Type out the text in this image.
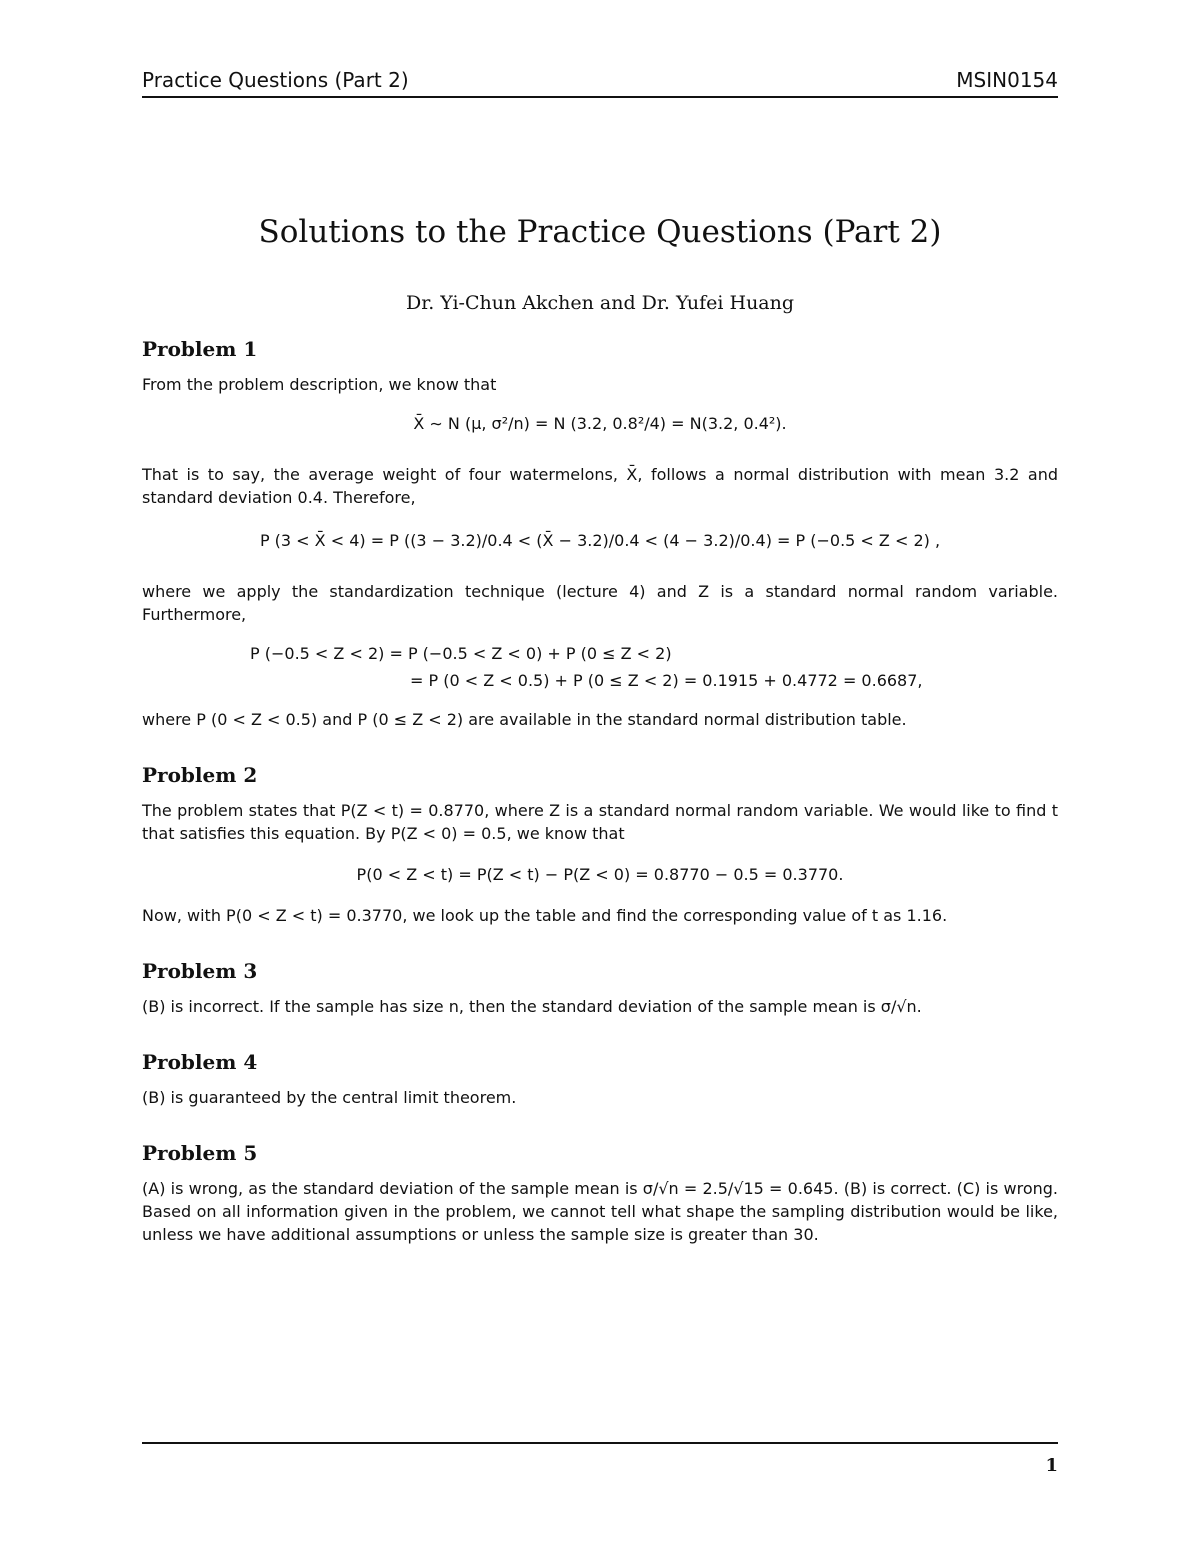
Practice Questions (Part 2)	MSIN0154
Solutions to the Practice Questions (Part 2)
Dr. Yi-Chun Akchen and Dr. Yufei Huang
Problem 1

From the problem description, we know that

X̄ ∼ N (μ, σ²/n) = N (3.2, 0.8²/4) = N(3.2, 0.4²).

That is to say, the average weight of four watermelons, X̄, follows a normal distribution with mean 3.2 and standard deviation 0.4. Therefore,

P (3 < X̄ < 4) = P ((3 − 3.2)/0.4 < (X̄ − 3.2)/0.4 < (4 − 3.2)/0.4) = P (−0.5 < Z < 2) ,

where we apply the standardization technique (lecture 4) and Z is a standard normal random variable. Furthermore,

P (−0.5 < Z < 2) = P (−0.5 < Z < 0) + P (0 ≤ Z < 2)

= P (0 < Z < 0.5) + P (0 ≤ Z < 2) = 0.1915 + 0.4772 = 0.6687,

where P (0 < Z < 0.5) and P (0 ≤ Z < 2) are available in the standard normal distribution table.

Problem 2

The problem states that P(Z < t) = 0.8770, where Z is a standard normal random variable. We would like to find t that satisfies this equation. By P(Z < 0) = 0.5, we know that

P(0 < Z < t) = P(Z < t) − P(Z < 0) = 0.8770 − 0.5 = 0.3770.

Now, with P(0 < Z < t) = 0.3770, we look up the table and find the corresponding value of t as 1.16.

Problem 3

(B) is incorrect. If the sample has size n, then the standard deviation of the sample mean is σ/√n.

Problem 4

(B) is guaranteed by the central limit theorem.

Problem 5

(A) is wrong, as the standard deviation of the sample mean is σ/√n = 2.5/√15 = 0.645. (B) is correct. (C) is wrong. Based on all information given in the problem, we cannot tell what shape the sampling distribution would be like, unless we have additional assumptions or unless the sample size is greater than 30.

1
